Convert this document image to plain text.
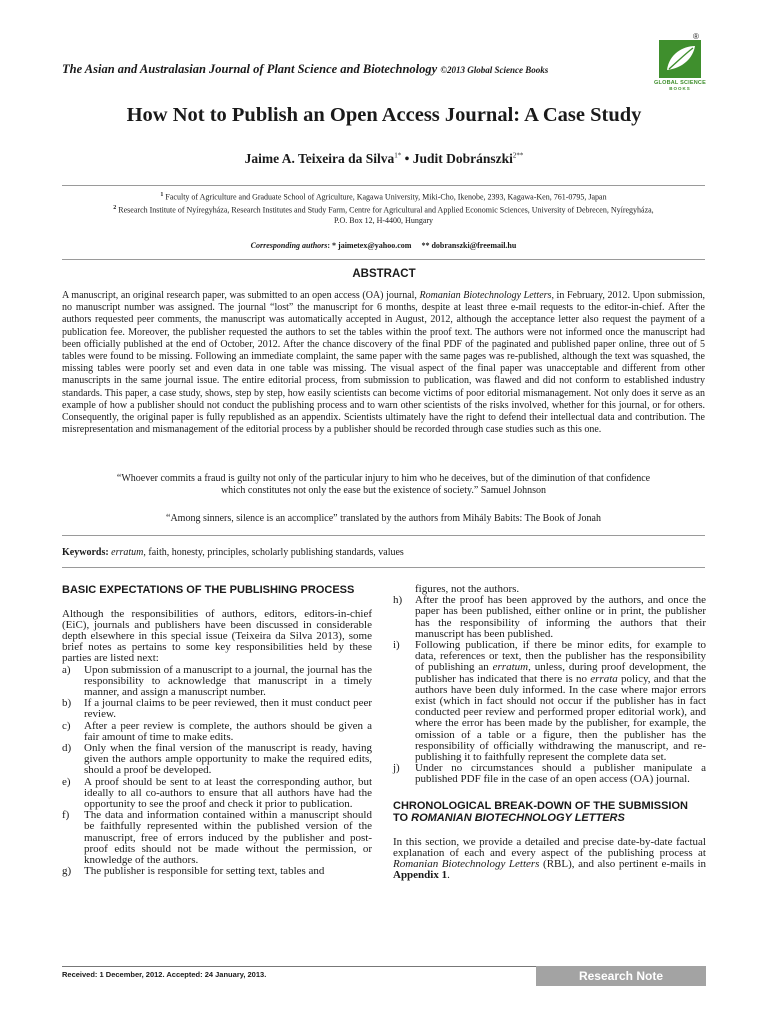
The Asian and Australasian Journal of Plant Science and Biotechnology ©2013 Global Science Books
®
GLOBAL SCIENCE
BOOKS
How Not to Publish an Open Access Journal: A Case Study
Jaime A. Teixeira da Silva$^{1*}$ • Judit Dobránszki$^{2**}$
$^1$ Faculty of Agriculture and Graduate School of Agriculture, Kagawa University, Miki-Cho, Ikenobe, 2393, Kagawa-Ken, 761-0795, Japan
$^2$ Research Institute of Nyíregyháza, Research Institutes and Study Farm, Centre for Agricultural and Applied Economic Sciences, University of Debrecen, Nyíregyháza,
P.O. Box 12, H-4400, Hungary
Corresponding authors: * jaimetex@yahoo.com ** dobranszki@freemail.hu
ABSTRACT
A manuscript, an original research paper, was submitted to an open access (OA) journal, Romanian Biotechnology Letters, in February, 2012. Upon submission, no manuscript number was assigned. The journal “lost” the manuscript for 6 months, despite at least three e-mail requests to the editor-in-chief. After the authors requested peer comments, the manuscript was automatically accepted in August, 2012, although the acceptance letter also request the payment of a publication fee. Moreover, the publisher requested the authors to set the tables within the proof text. The authors were not informed once the manuscript had been officially published at the end of October, 2012. After the chance discovery of the final PDF of the paginated and published paper online, three out of 5 tables were found to be missing. Following an immediate complaint, the same paper with the same pages was re-published, although the text was squashed, the missing tables were poorly set and even data in one table was missing. The visual aspect of the final paper was unacceptable and different from other manuscripts in the same journal issue. The entire editorial process, from submission to publication, was flawed and did not conform to established industry standards. This paper, a case study, shows, step by step, how easily scientists can become victims of poor editorial mismanagement. Not only does it serve as an example of how a publisher should not conduct the publishing process and to warn other scientists of the risks involved, whether for this journal, or for others. Consequently, the original paper is fully republished as an appendix. Scientists ultimately have the right to defend their intellectual data and contribution. The misrepresentation and mismanagement of the editorial process by a publisher should be recorded through case studies such as this one.
“Whoever commits a fraud is guilty not only of the particular injury to him who he deceives, but of the diminution of that confidence
which constitutes not only the ease but the existence of society.” Samuel Johnson
“Among sinners, silence is an accomplice” translated by the authors from Mihály Babits: The Book of Jonah
Keywords: erratum, faith, honesty, principles, scholarly publishing standards, values
BASIC EXPECTATIONS OF THE PUBLISHING PROCESS

Although the responsibilities of authors, editors, editors-in-chief (EiC), journals and publishers have been discussed in considerable depth elsewhere in this special issue (Teixeira da Silva 2013), some brief notes as pertains to some key responsibilities held by these parties are listed next:

a) Upon submission of a manuscript to a journal, the journal has the responsibility to acknowledge that manuscript in a timely manner, and assign a manuscript number.
b) If a journal claims to be peer reviewed, then it must conduct peer review.
c) After a peer review is complete, the authors should be given a fair amount of time to make edits.
d) Only when the final version of the manuscript is ready, having given the authors ample opportunity to make the required edits, should a proof be developed.
e) A proof should be sent to at least the corresponding author, but ideally to all co-authors to ensure that all authors have had the opportunity to see the proof and check it prior to publication.
f) The data and information contained within a manuscript should be faithfully represented within the published version of the manuscript, free of errors induced by the publisher and post-proof edits should not be made without the permission, or knowledge of the authors.
g) The publisher is responsible for setting text, tables and

figures, not the authors.

h) After the proof has been approved by the authors, and once the paper has been published, either online or in print, the publisher has the responsibility of informing the authors that their manuscript has been published.
i) Following publication, if there be minor edits, for example to data, references or text, then the publisher has the responsibility of publishing an erratum, unless, during proof development, the publisher has indicated that there is no errata policy, and that the authors have been duly informed. In the case where major errors exist (which in fact should not occur if the publisher has in fact conducted peer review and performed proper editorial work), and where the error has been made by the publisher, for example, the omission of a table or a figure, then the publisher has the responsibility of officially withdrawing the manuscript, and re-publishing it to faithfully represent the complete data set.
j) Under no circumstances should a publisher manipulate a published PDF file in the case of an open access (OA) journal.
CHRONOLOGICAL BREAK-DOWN OF THE SUBMISSION TO ROMANIAN BIOTECHNOLOGY LETTERS

In this section, we provide a detailed and precise date-by-date factual explanation of each and every aspect of the publishing process at Romanian Biotechnology Letters (RBL), and also pertinent e-mails in Appendix 1.

Received: 1 December, 2012. Accepted: 24 January, 2013.	Research Note
